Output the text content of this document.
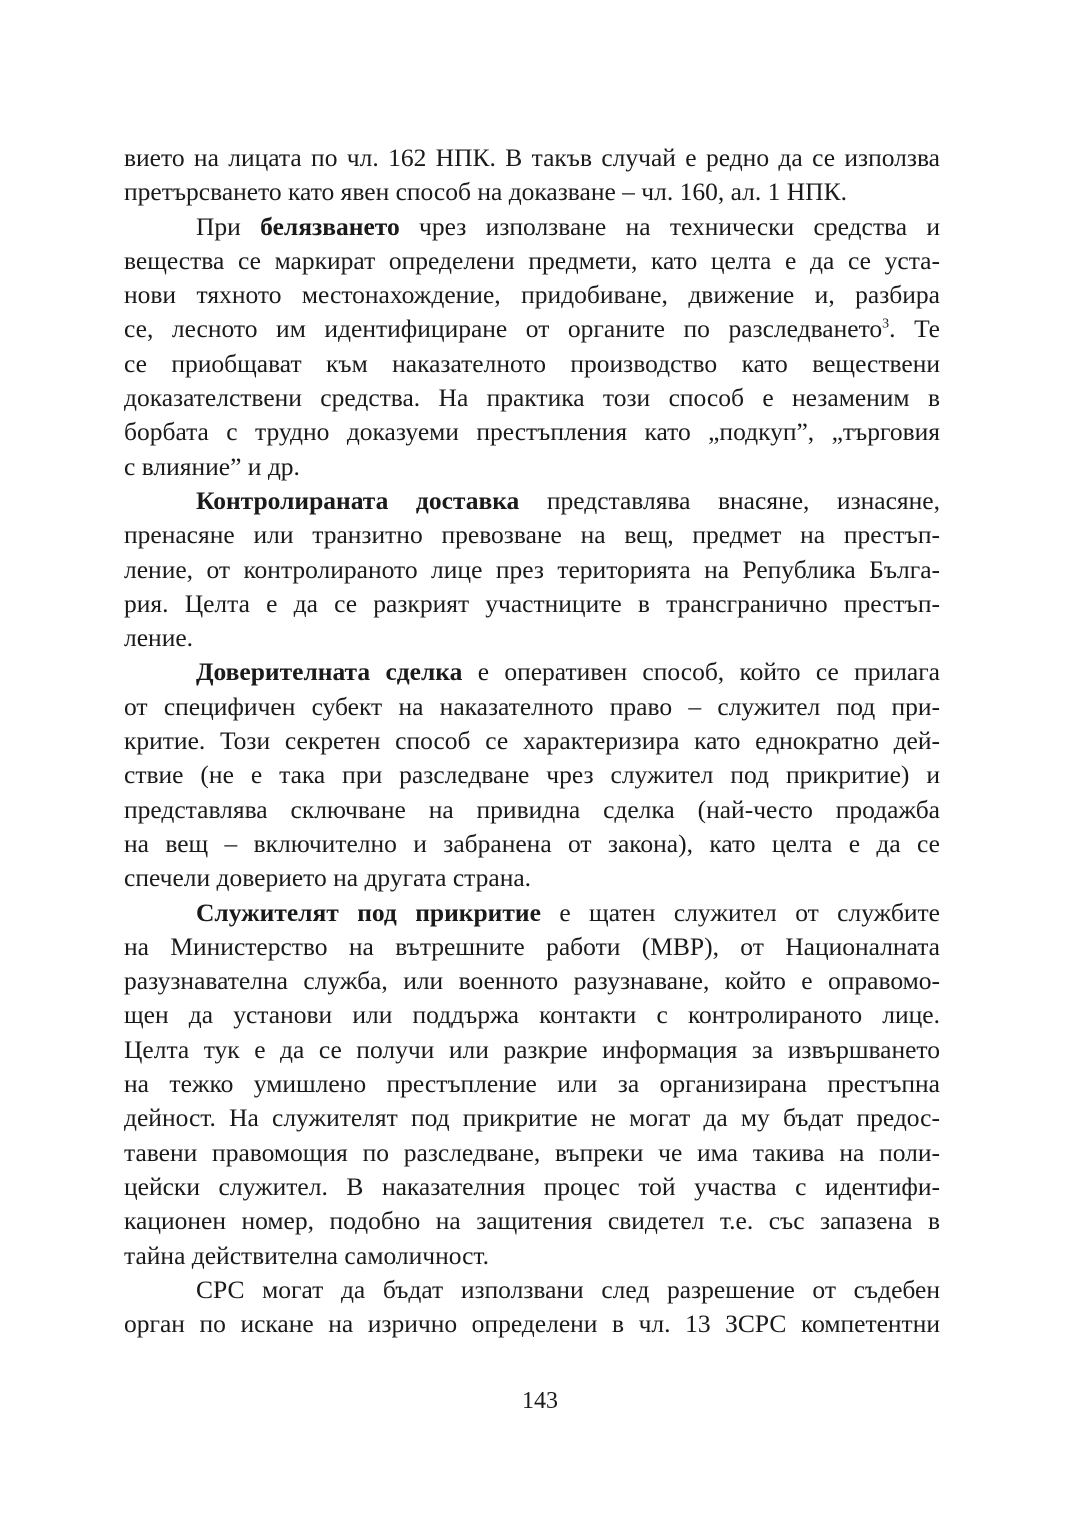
вието на лицата по чл. 162 НПК. В такъв случай е редно да се използва
претърсването като явен способ на доказване – чл. 160, ал. 1 НПК.
При белязването чрез използване на технически средства и
вещества се маркират определени предмети, като целта е да се уста-
нови тяхното местонахождение, придобиване, движение и, разбира
се, лесното им идентифициране от органите по разследването$^3$. Те
се приобщават към наказателното производство като веществени
доказателствени средства. На практика този способ е незаменим в
борбата с трудно доказуеми престъпления като „подкуп”, „търговия
с влияние” и др.
Контролираната доставка представлява внасяне, изнасяне,
пренасяне или транзитно превозване на вещ, предмет на престъп-
ление, от контролираното лице през територията на Република Бълга-
рия. Целта е да се разкрият участниците в трансгранично престъп-
ление.
Доверителната сделка е оперативен способ, който се прилага
от специфичен субект на наказателното право – служител под при-
критие. Този секретен способ се характеризира като еднократно дей-
ствие (не е така при разследване чрез служител под прикритие) и
представлява сключване на привидна сделка (най-често продажба
на вещ – включително и забранена от закона), като целта е да се
спечели доверието на другата страна.
Служителят под прикритие е щатен служител от службите
на Министерство на вътрешните работи (МВР), от Националната
разузнавателна служба, или военното разузнаване, който е оправомо-
щен да установи или поддържа контакти с контролираното лице.
Целта тук е да се получи или разкрие информация за извършването
на тежко умишлено престъпление или за организирана престъпна
дейност. На служителят под прикритие не могат да му бъдат предос-
тавени правомощия по разследване, въпреки че има такива на поли-
цейски служител. В наказателния процес той участва с идентифи-
кационен номер, подобно на защитения свидетел т.е. със запазена в
тайна действителна самоличност.
СРС могат да бъдат използвани след разрешение от съдебен
орган по искане на изрично определени в чл. 13 ЗСРС компетентни
143
